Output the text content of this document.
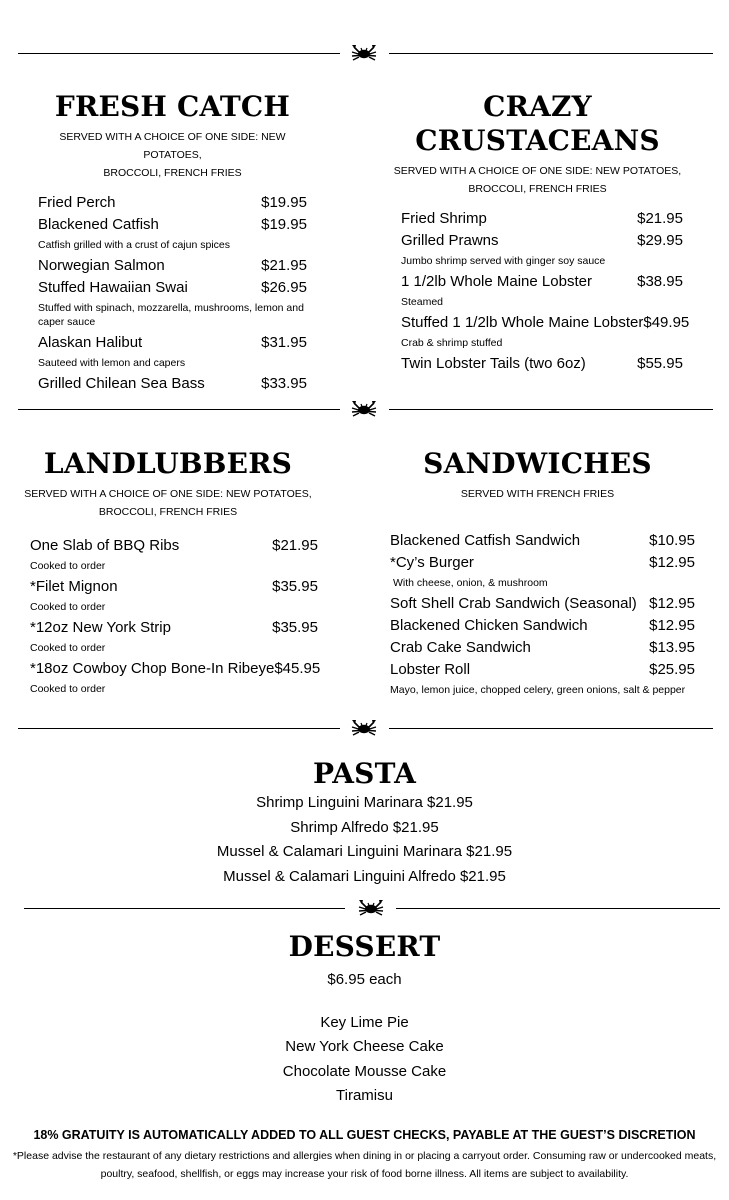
FRESH CATCH
SERVED WITH A CHOICE OF ONE SIDE: NEW POTATOES,
BROCCOLI, FRENCH FRIES
Fried Perch	$19.95
Blackened Catfish	$19.95
Catfish grilled with a crust of cajun spices
Norwegian Salmon	$21.95
Stuffed Hawaiian Swai	$26.95
Stuffed with spinach, mozzarella, mushrooms, lemon and caper sauce
Alaskan Halibut	$31.95
Sauteed with lemon and capers
Grilled Chilean Sea Bass	$33.95
CRAZY CRUSTACEANS
SERVED WITH A CHOICE OF ONE SIDE: NEW POTATOES,
BROCCOLI, FRENCH FRIES
Fried Shrimp	$21.95
Grilled Prawns	$29.95
Jumbo shrimp served with ginger soy sauce
1 1/2lb Whole Maine Lobster	$38.95
Steamed
Stuffed 1 1/2lb Whole Maine Lobster $49.95
Crab & shrimp stuffed
Twin Lobster Tails (two 6oz)	$55.95
LANDLUBBERS
SERVED WITH A CHOICE OF ONE SIDE: NEW POTATOES,
BROCCOLI, FRENCH FRIES
One Slab of BBQ Ribs	$21.95
Cooked to order
*Filet Mignon	$35.95
Cooked to order
*12oz New York Strip	$35.95
Cooked to order
*18oz Cowboy Chop Bone-In Ribeye $45.95
Cooked to order
SANDWICHES
SERVED WITH FRENCH FRIES
Blackened Catfish Sandwich	$10.95
*Cy’s Burger	$12.95
With cheese, onion, & mushroom
Soft Shell Crab Sandwich (Seasonal) $12.95
Blackened Chicken Sandwich	$12.95
Crab Cake Sandwich	$13.95
Lobster Roll	$25.95
Mayo, lemon juice, chopped celery, green onions, salt & pepper
PASTA
Shrimp Linguini Marinara $21.95
Shrimp Alfredo $21.95
Mussel & Calamari Linguini Marinara $21.95
Mussel & Calamari Linguini Alfredo $21.95
DESSERT
$6.95 each
Key Lime Pie
New York Cheese Cake
Chocolate Mousse Cake
Tiramisu
18% GRATUITY IS AUTOMATICALLY ADDED TO ALL GUEST CHECKS, PAYABLE AT THE GUEST’S DISCRETION
*Please advise the restaurant of any dietary restrictions and allergies when dining in or placing a carryout order. Consuming raw or undercooked meats, poultry, seafood, shellfish, or eggs may increase your risk of food borne illness. All items are subject to availability.
